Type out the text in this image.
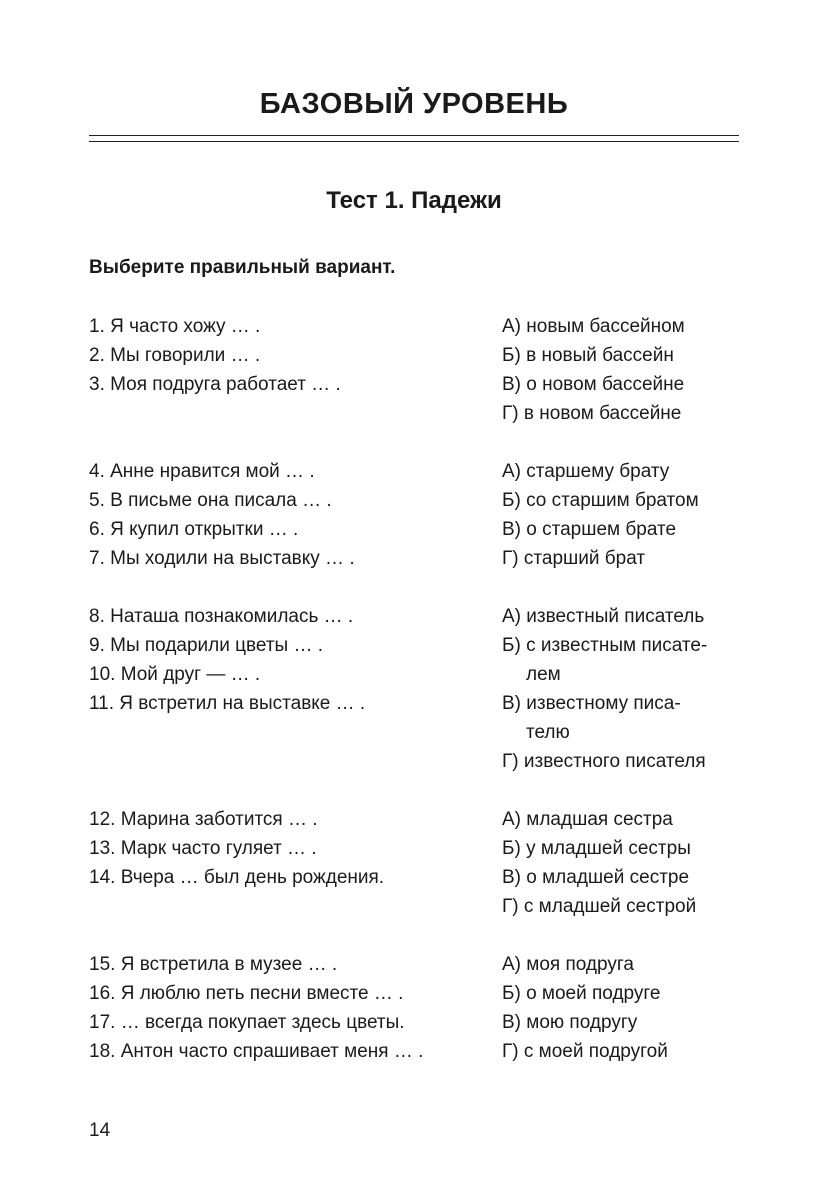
БАЗОВЫЙ УРОВЕНЬ
Тест 1. Падежи

Выберите правильный вариант.

1. Я часто хожу … .
2. Мы говорили … .
3. Моя подруга работает … .
А) новым бассейном
Б) в новый бассейн
В) о новом бассейне
Г) в новом бассейне
4. Анне нравится мой … .
5. В письме она писала … .
6. Я купил открытки … .
7. Мы ходили на выставку … .
А) старшему брату
Б) со старшим братом
В) о старшем брате
Г) старший брат
8. Наташа познакомилась … .
9. Мы подарили цветы … .
10. Мой друг — … .
11. Я встретил на выставке … .
А) известный писатель
Б) с известным писате-
лем
В) известному писа-
телю
Г) известного писателя
12. Марина заботится … .
13. Марк часто гуляет … .
14. Вчера … был день рождения.
А) младшая сестра
Б) у младшей сестры
В) о младшей сестре
Г) с младшей сестрой
15. Я встретила в музее … .
16. Я люблю петь песни вместе … .
17. … всегда покупает здесь цветы.
18. Антон часто спрашивает меня … .
А) моя подруга
Б) о моей подруге
В) мою подругу
Г) с моей подругой

14
